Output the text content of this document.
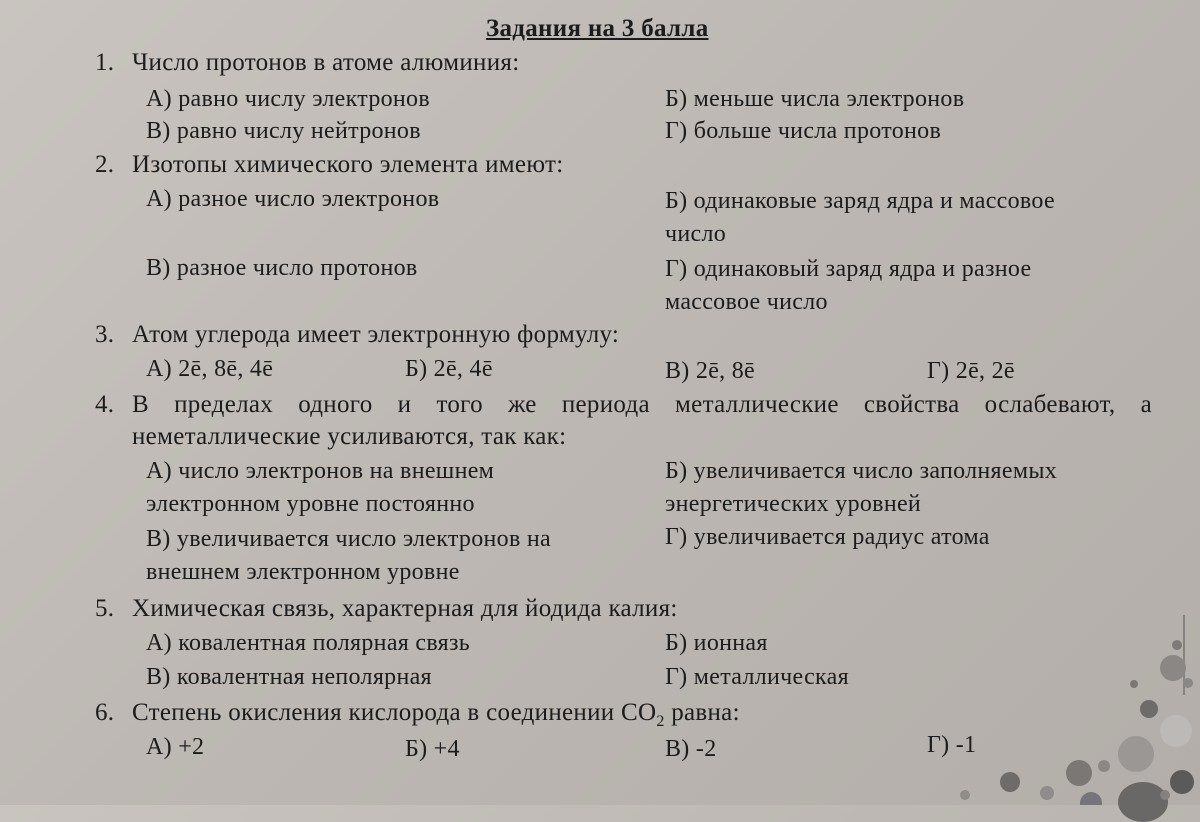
Задания на 3 балла
1. Число протонов в атоме алюминия:
А) равно числу электронов	Б) меньше числа электронов
В) равно числу нейтронов	Г) больше числа протонов
2. Изотопы химического элемента имеют:
А) разное число электронов	Б) одинаковые заряд ядра и массовое
число
В) разное число протонов	Г) одинаковый заряд ядра и разное
массовое число
3. Атом углерода имеет электронную формулу:
А) 2ē, 8ē, 4ē	Б) 2ē, 4ē	В) 2ē, 8ē	Г) 2ē, 2ē
4. В пределах одного и того же периода металлические свойства ослабевают, а
неметаллические усиливаются, так как:
А) число электронов на внешнем
электронном уровне постоянно
Б) увеличивается число заполняемых
энергетических уровней
В) увеличивается число электронов на
внешнем электронном уровне
Г) увеличивается радиус атома
5. Химическая связь, характерная для йодида калия:
А) ковалентная полярная связь	Б) ионная
В) ковалентная неполярная	Г) металлическая
6. Степень окисления кислорода в соединении $CO_2$ равна:
А) +2	Б) +4	В) -2	Г) -1
